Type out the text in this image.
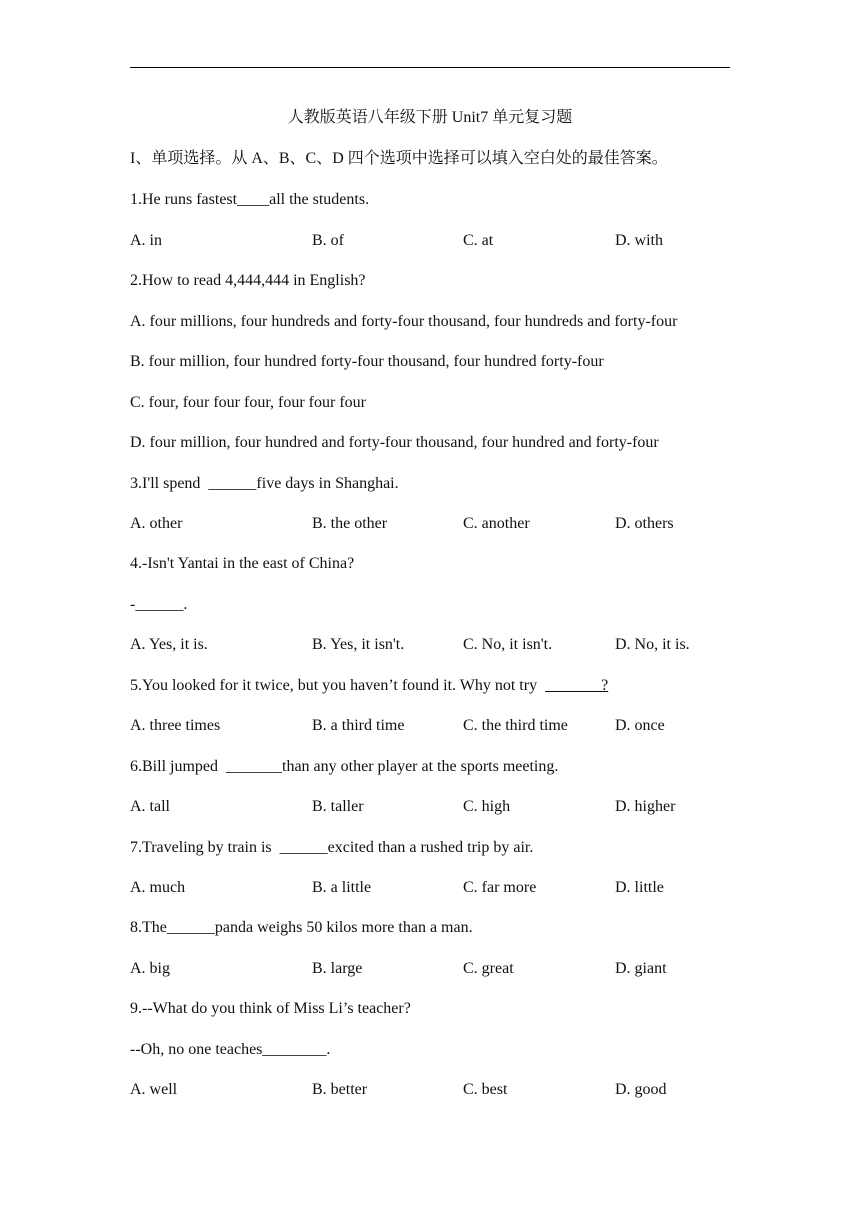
人教版英语八年级下册 Unit7 单元复习题
I、单项选择。从 A、B、C、D 四个选项中选择可以填入空白处的最佳答案。
1.He runs fastest____all the students.
A. in	B. of	C. at	D. with
2.How to read 4,444,444 in English?
A. four millions, four hundreds and forty-four thousand, four hundreds and forty-four
B. four million, four hundred forty-four thousand, four hundred forty-four
C. four, four four four, four four four
D. four million, four hundred and forty-four thousand, four hundred and forty-four
3.I'll spend  ______five days in Shanghai.
A. other	B. the other	C. another	D. others
4.-Isn't Yantai in the east of China?
-______.
A. Yes, it is.	B. Yes, it isn't.	C. No, it isn't.	D. No, it is.
5.You looked for it twice, but you haven’t found it. Why not try  _______?
A. three times	B. a third time	C. the third time	D. once
6.Bill jumped  _______than any other player at the sports meeting.
A. tall	B. taller	C. high	D. higher
7.Traveling by train is  ______excited than a rushed trip by air.
A. much	B. a little	C. far more	D. little
8.The______panda weighs 50 kilos more than a man.
A. big	B. large	C. great	D. giant
9.--What do you think of Miss Li’s teacher?
--Oh, no one teaches________.
A. well	B. better	C. best	D. good
